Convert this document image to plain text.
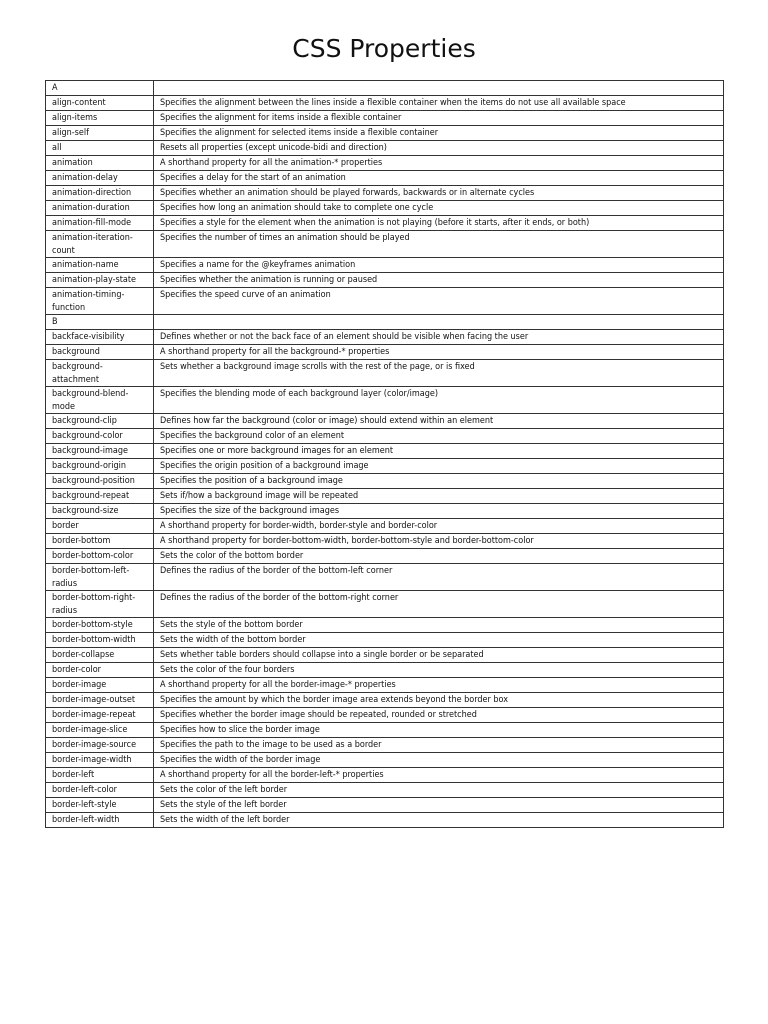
CSS Properties
A	
align-content	Specifies the alignment between the lines inside a flexible container when the items do not use all available space
align-items	Specifies the alignment for items inside a flexible container
align-self	Specifies the alignment for selected items inside a flexible container
all	Resets all properties (except unicode-bidi and direction)
animation	A shorthand property for all the animation-* properties
animation-delay	Specifies a delay for the start of an animation
animation-direction	Specifies whether an animation should be played forwards, backwards or in alternate cycles
animation-duration	Specifies how long an animation should take to complete one cycle
animation-fill-mode	Specifies a style for the element when the animation is not playing (before it starts, after it ends, or both)
animation-iteration-count	Specifies the number of times an animation should be played
animation-name	Specifies a name for the @keyframes animation
animation-play-state	Specifies whether the animation is running or paused
animation-timing-function	Specifies the speed curve of an animation
B	
backface-visibility	Defines whether or not the back face of an element should be visible when facing the user
background	A shorthand property for all the background-* properties
background-attachment	Sets whether a background image scrolls with the rest of the page, or is fixed
background-blend-mode	Specifies the blending mode of each background layer (color/image)
background-clip	Defines how far the background (color or image) should extend within an element
background-color	Specifies the background color of an element
background-image	Specifies one or more background images for an element
background-origin	Specifies the origin position of a background image
background-position	Specifies the position of a background image
background-repeat	Sets if/how a background image will be repeated
background-size	Specifies the size of the background images
border	A shorthand property for border-width, border-style and border-color
border-bottom	A shorthand property for border-bottom-width, border-bottom-style and border-bottom-color
border-bottom-color	Sets the color of the bottom border
border-bottom-left-radius	Defines the radius of the border of the bottom-left corner
border-bottom-right-radius	Defines the radius of the border of the bottom-right corner
border-bottom-style	Sets the style of the bottom border
border-bottom-width	Sets the width of the bottom border
border-collapse	Sets whether table borders should collapse into a single border or be separated
border-color	Sets the color of the four borders
border-image	A shorthand property for all the border-image-* properties
border-image-outset	Specifies the amount by which the border image area extends beyond the border box
border-image-repeat	Specifies whether the border image should be repeated, rounded or stretched
border-image-slice	Specifies how to slice the border image
border-image-source	Specifies the path to the image to be used as a border
border-image-width	Specifies the width of the border image
border-left	A shorthand property for all the border-left-* properties
border-left-color	Sets the color of the left border
border-left-style	Sets the style of the left border
border-left-width	Sets the width of the left border
